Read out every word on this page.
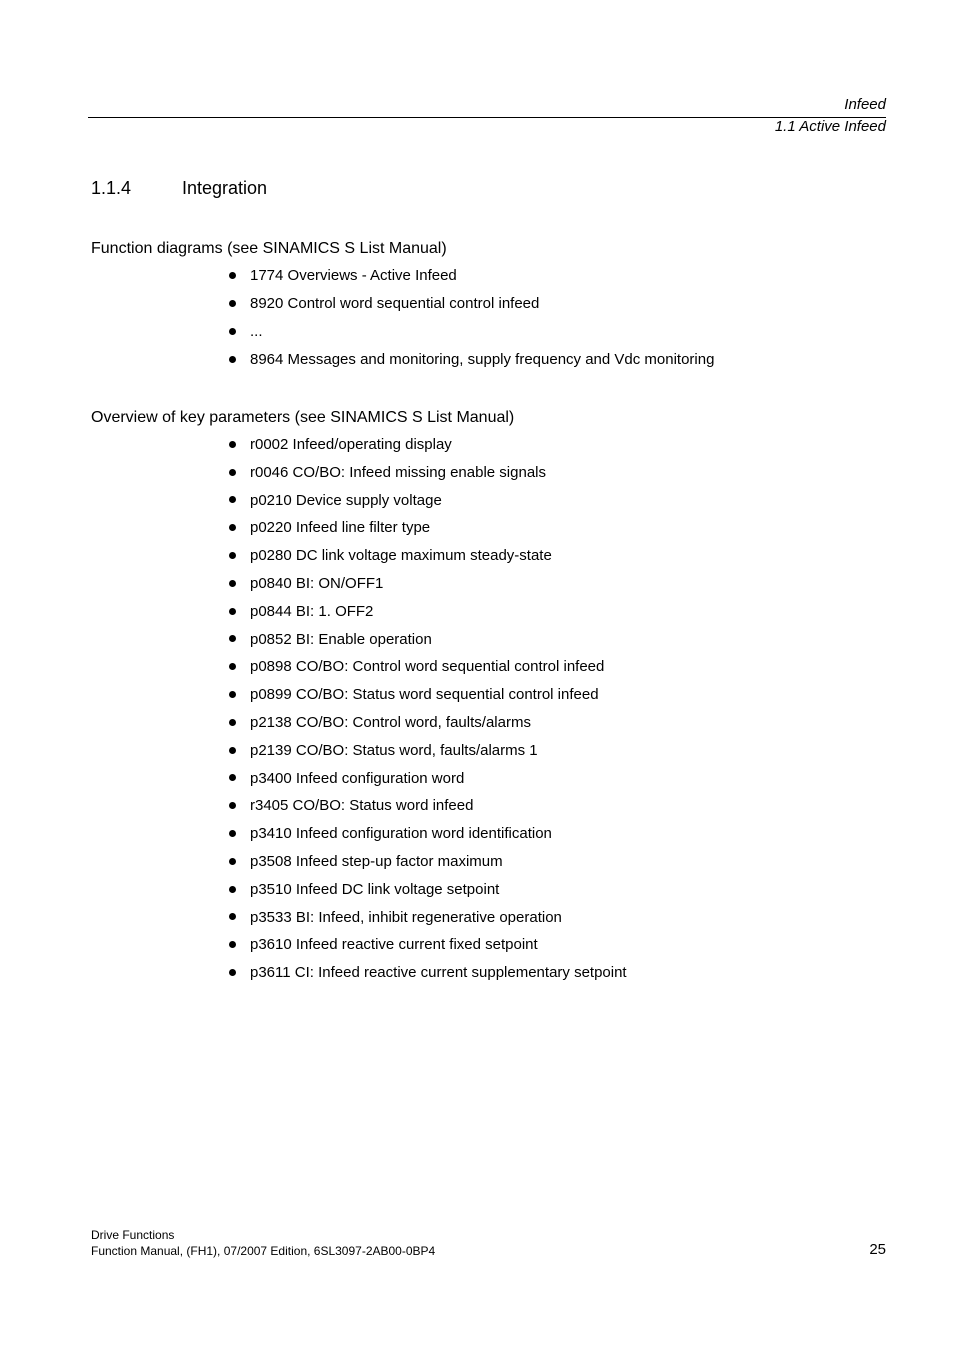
Infeed
1.1 Active Infeed
1.1.4	Integration
Function diagrams (see SINAMICS S List Manual)
1774 Overviews - Active Infeed
8920 Control word sequential control infeed
...
8964 Messages and monitoring, supply frequency and Vdc monitoring
Overview of key parameters (see SINAMICS S List Manual)
r0002 Infeed/operating display
r0046 CO/BO: Infeed missing enable signals
p0210 Device supply voltage
p0220 Infeed line filter type
p0280 DC link voltage maximum steady-state
p0840 BI: ON/OFF1
p0844 BI: 1. OFF2
p0852 BI: Enable operation
p0898 CO/BO: Control word sequential control infeed
p0899 CO/BO: Status word sequential control infeed
p2138 CO/BO: Control word, faults/alarms
p2139 CO/BO: Status word, faults/alarms 1
p3400 Infeed configuration word
r3405 CO/BO: Status word infeed
p3410 Infeed configuration word identification
p3508 Infeed step-up factor maximum
p3510 Infeed DC link voltage setpoint
p3533 BI: Infeed, inhibit regenerative operation
p3610 Infeed reactive current fixed setpoint
p3611 CI: Infeed reactive current supplementary setpoint
Drive Functions
Function Manual, (FH1), 07/2007 Edition, 6SL3097-2AB00-0BP4	25
